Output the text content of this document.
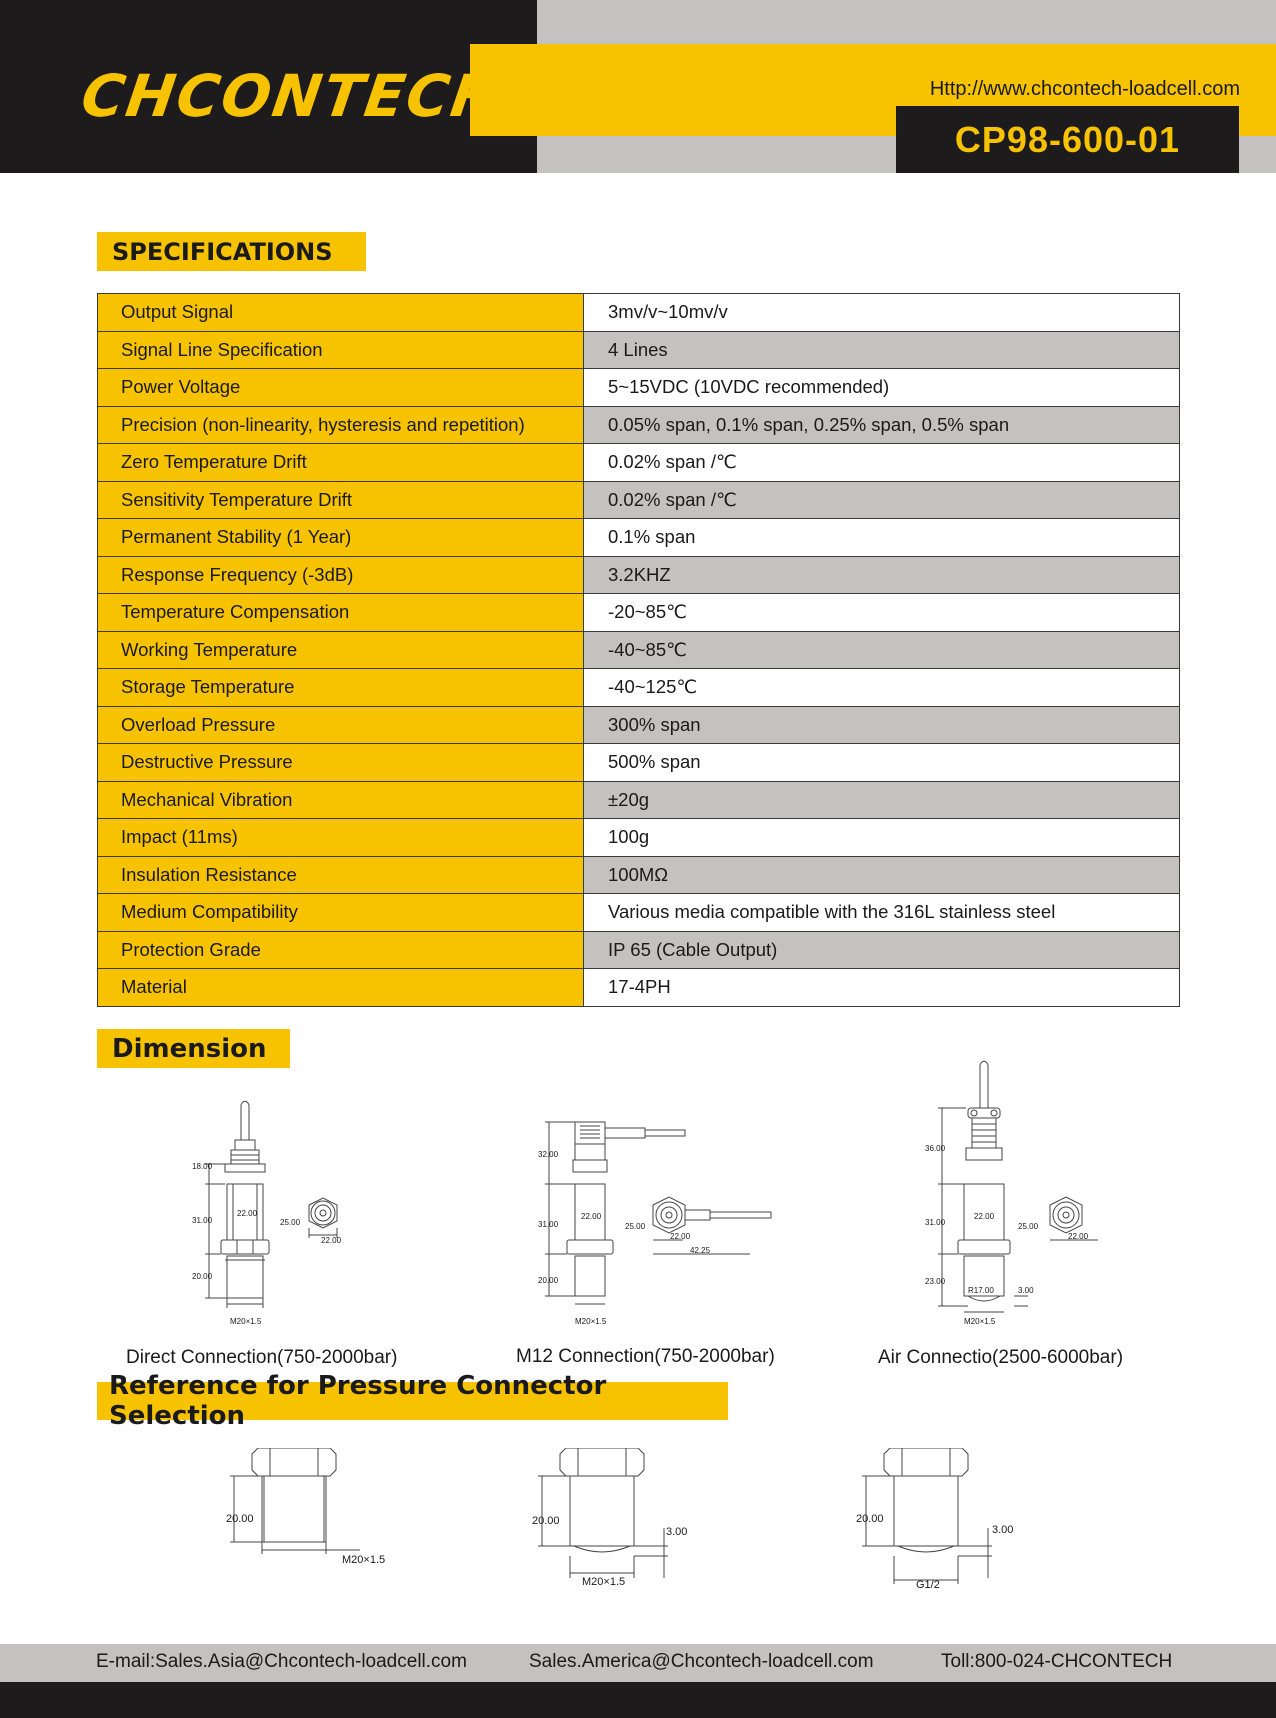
CHCONTECH	Http://www.chcontech-loadcell.com
CP98-600-01
SPECIFICATIONS
Output Signal	3mv/v~10mv/v
Signal Line Specification	4 Lines
Power Voltage	5~15VDC (10VDC recommended)
Precision (non-linearity, hysteresis and repetition)	0.05% span, 0.1% span, 0.25% span, 0.5% span
Zero Temperature Drift	0.02% span /℃
Sensitivity Temperature Drift	0.02% span /℃
Permanent Stability (1 Year)	0.1% span
Response Frequency (-3dB)	3.2KHZ
Temperature Compensation	-20~85℃
Working Temperature	-40~85℃
Storage Temperature	-40~125℃
Overload Pressure	300% span
Destructive Pressure	500% span
Mechanical Vibration	±20g
Impact (11ms)	100g
Insulation Resistance	100MΩ
Medium Compatibility	Various media compatible with the 316L stainless steel
Protection Grade	IP 65 (Cable Output)
Material	17-4PH
Dimension
18.00
31.00
20.00
22.00
25.00
22.00
M20×1.5
32.00
31.00
20.00
22.00
25.00
22.00
42.25
M20×1.5
36.00
31.00
23.00
22.00
25.00
22.00
R17.00	3.00
M20×1.5
Direct Connection(750-2000bar)	M12 Connection(750-2000bar)	Air Connectio(2500-6000bar)
Reference for Pressure Connector Selection
20.00
M20×1.5
20.00
3.00
M20×1.5
20.00
3.00
G1/2
E-mail:Sales.Asia@Chcontech-loadcell.com	Sales.America@Chcontech-loadcell.com	Toll:800-024-CHCONTECH
